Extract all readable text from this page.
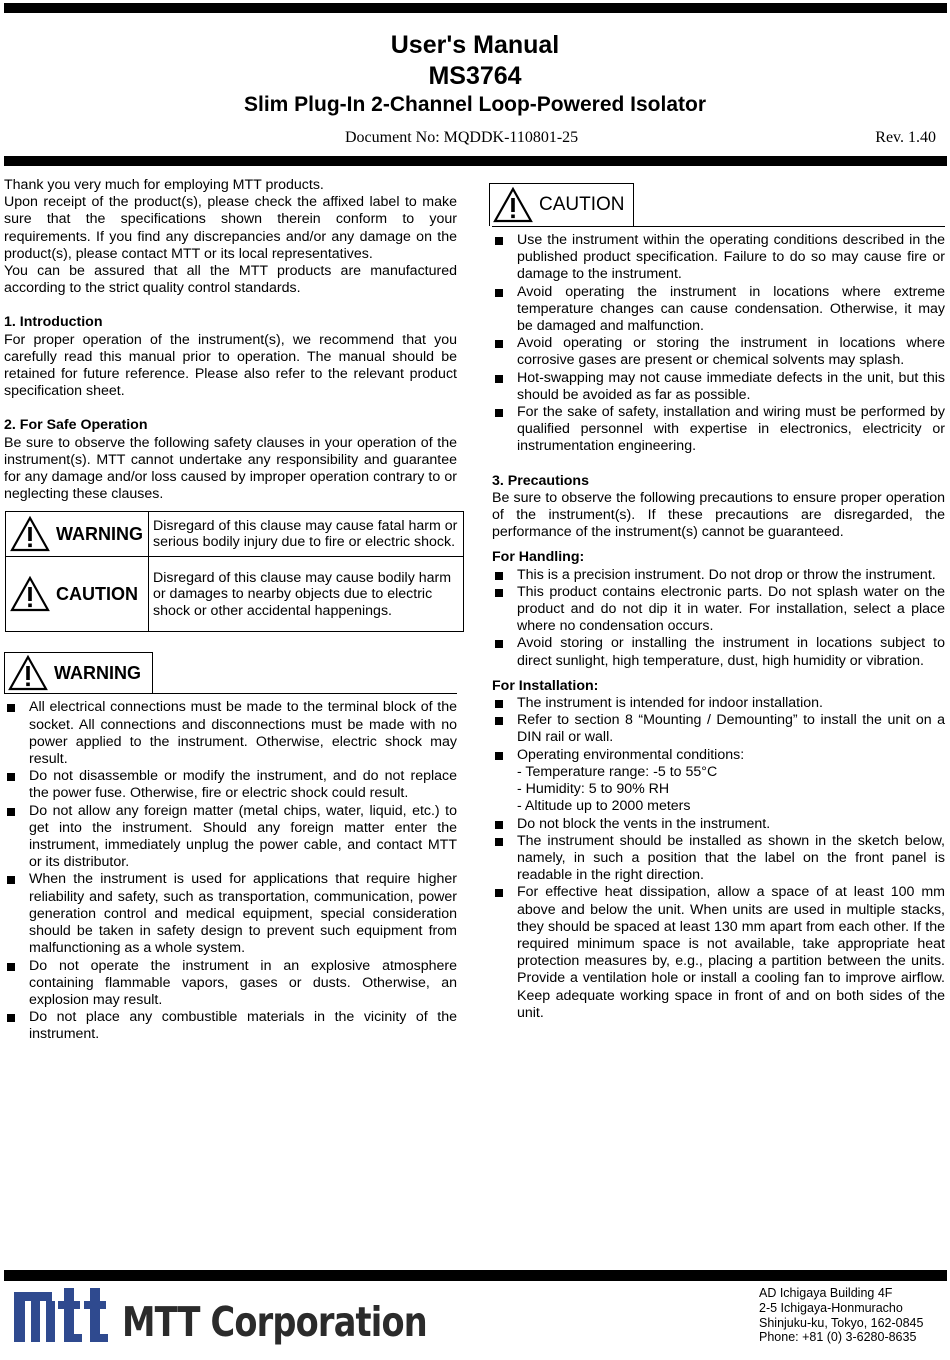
User's Manual
MS3764
Slim Plug-In 2-Channel Loop-Powered Isolator
Document No: MQDDK-110801-25	Rev. 1.40

Thank you very much for employing MTT products.

Upon receipt of the product(s), please check the affixed label to make sure that the specifications shown therein conform to your requirements. If you find any discrepancies and/or any damage on the product(s), please contact MTT or its local representatives.

You can be assured that all the MTT products are manufactured according to the strict quality control standards.

1. Introduction

For proper operation of the instrument(s), we recommend that you carefully read this manual prior to operation. The manual should be retained for future reference. Please also refer to the relevant product specification sheet.

2. For Safe Operation

Be sure to observe the following safety clauses in your operation of the instrument(s). MTT cannot undertake any responsibility and guarantee for any damage and/or loss caused by improper operation contrary to or neglecting these clauses.

WARNING	Disregard of this clause may cause fatal harm or serious bodily injury due to fire or electric shock.

CAUTION	Disregard of this clause may cause bodily harm or damages to nearby objects due to electric shock or other accidental happenings.
WARNING
All electrical connections must be made to the terminal block of the socket. All connections and disconnections must be made with no power applied to the instrument. Otherwise, electric shock may result.
Do not disassemble or modify the instrument, and do not replace the power fuse. Otherwise, fire or electric shock could result.
Do not allow any foreign matter (metal chips, water, liquid, etc.) to get into the instrument. Should any foreign matter enter the instrument, immediately unplug the power cable, and contact MTT or its distributor.
When the instrument is used for applications that require higher reliability and safety, such as transportation, communication, power generation control and medical equipment, special consideration should be taken in safety design to prevent such equipment from malfunctioning as a whole system.
Do not operate the instrument in an explosive atmosphere containing flammable vapors, gases or dusts. Otherwise, an explosion may result.
Do not place any combustible materials in the vicinity of the instrument.
CAUTION
Use the instrument within the operating conditions described in the published product specification. Failure to do so may cause fire or damage to the instrument.
Avoid operating the instrument in locations where extreme temperature changes can cause condensation. Otherwise, it may be damaged and malfunction.
Avoid operating or storing the instrument in locations where corrosive gases are present or chemical solvents may splash.
Hot-swapping may not cause immediate defects in the unit, but this should be avoided as far as possible.
For the sake of safety, installation and wiring must be performed by qualified personnel with expertise in electronics, electricity or instrumentation engineering.
3. Precautions

Be sure to observe the following precautions to ensure proper operation of the instrument(s). If these precautions are disregarded, the performance of the instrument(s) cannot be guaranteed.

For Handling:
This is a precision instrument. Do not drop or throw the instrument.
This product contains electronic parts. Do not splash water on the product and do not dip it in water. For installation, select a place where no condensation occurs.
Avoid storing or installing the instrument in locations subject to direct sunlight, high temperature, dust, high humidity or vibration.
For Installation:
The instrument is intended for indoor installation.
Refer to section 8 “Mounting / Demounting” to install the unit on a DIN rail or wall.
Operating environmental conditions:
- Temperature range: -5 to 55°C
- Humidity: 5 to 90% RH
- Altitude up to 2000 meters
Do not block the vents in the instrument.
The instrument should be installed as shown in the sketch below, namely, in such a position that the label on the front panel is readable in the right direction.
For effective heat dissipation, allow a space of at least 100 mm above and below the unit. When units are used in multiple stacks, they should be spaced at least 130 mm apart from each other. If the required minimum space is not available, take appropriate heat protection measures by, e.g., placing a partition between the units. Provide a ventilation hole or install a cooling fan to improve airflow. Keep adequate working space in front of and on both sides of the unit.
MTT Corporation
AD Ichigaya Building 4F
2-5 Ichigaya-Honmuracho
Shinjuku-ku, Tokyo, 162-0845
Phone: +81 (0) 3-6280-8635
